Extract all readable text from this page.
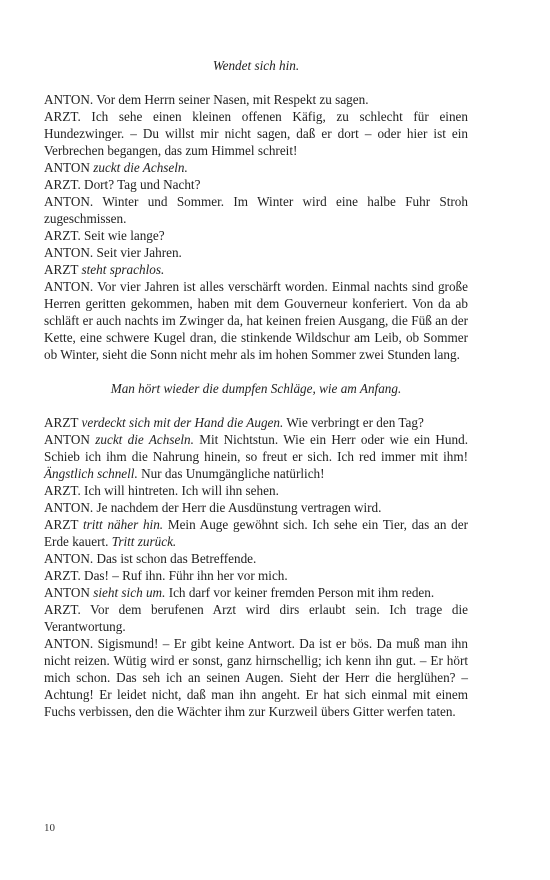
Wendet sich hin.
ANTON. Vor dem Herrn seiner Nasen, mit Respekt zu sagen.
ARZT. Ich sehe einen kleinen offenen Käfig, zu schlecht für einen Hundezwinger. – Du willst mir nicht sagen, daß er dort – oder hier ist ein Verbrechen begangen, das zum Himmel schreit!
ANTON zuckt die Achseln.
ARZT. Dort? Tag und Nacht?
ANTON. Winter und Sommer. Im Winter wird eine halbe Fuhr Stroh zugeschmissen.
ARZT. Seit wie lange?
ANTON. Seit vier Jahren.
ARZT steht sprachlos.
ANTON. Vor vier Jahren ist alles verschärft worden. Einmal nachts sind große Herren geritten gekommen, haben mit dem Gouverneur konferiert. Von da ab schläft er auch nachts im Zwinger da, hat keinen freien Ausgang, die Füß an der Kette, eine schwere Kugel dran, die stinkende Wildschur am Leib, ob Sommer ob Winter, sieht die Sonn nicht mehr als im hohen Sommer zwei Stunden lang.
Man hört wieder die dumpfen Schläge, wie am Anfang.
ARZT verdeckt sich mit der Hand die Augen. Wie verbringt er den Tag?
ANTON zuckt die Achseln. Mit Nichtstun. Wie ein Herr oder wie ein Hund. Schieb ich ihm die Nahrung hinein, so freut er sich. Ich red immer mit ihm! Ängstlich schnell. Nur das Unumgängliche natürlich!
ARZT. Ich will hintreten. Ich will ihn sehen.
ANTON. Je nachdem der Herr die Ausdünstung vertragen wird.
ARZT tritt näher hin. Mein Auge gewöhnt sich. Ich sehe ein Tier, das an der Erde kauert. Tritt zurück.
ANTON. Das ist schon das Betreffende.
ARZT. Das! – Ruf ihn. Führ ihn her vor mich.
ANTON sieht sich um. Ich darf vor keiner fremden Person mit ihm reden.
ARZT. Vor dem berufenen Arzt wird dirs erlaubt sein. Ich trage die Verantwortung.
ANTON. Sigismund! – Er gibt keine Antwort. Da ist er bös. Da muß man ihn nicht reizen. Wütig wird er sonst, ganz hirnschellig; ich kenn ihn gut. – Er hört mich schon. Das seh ich an seinen Augen. Sieht der Herr die herglühen? – Achtung! Er leidet nicht, daß man ihn angeht. Er hat sich einmal mit einem Fuchs verbissen, den die Wächter ihm zur Kurzweil übers Gitter werfen taten.
10
